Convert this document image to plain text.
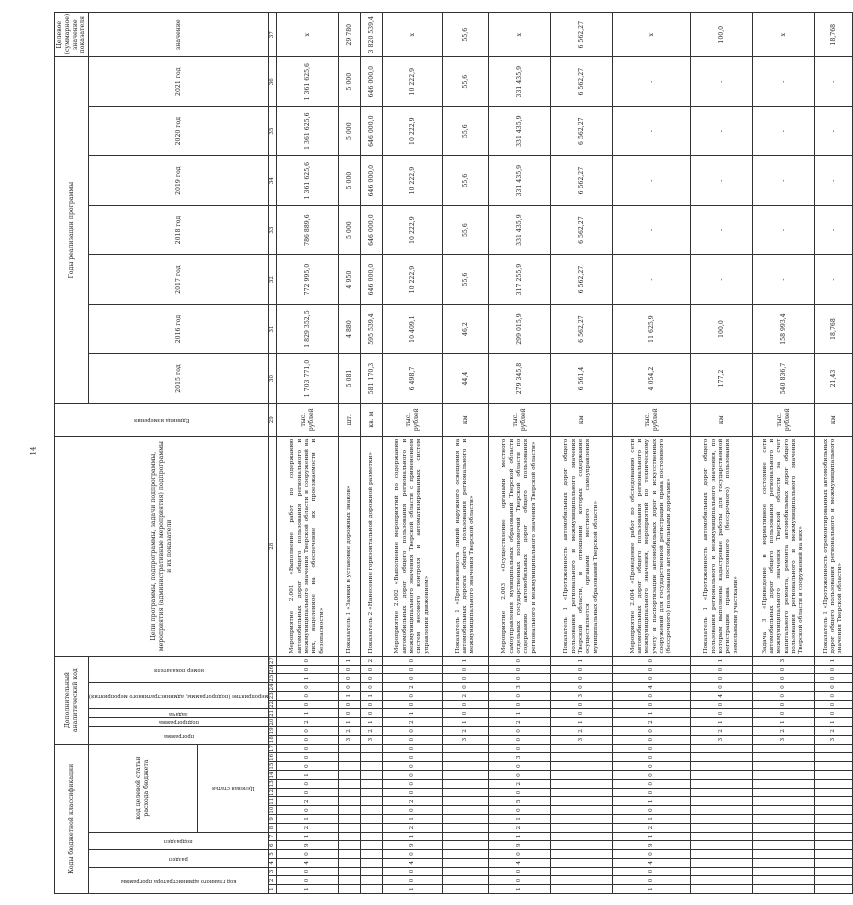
14
Коды бюджетной классификации																	Дополнительный аналитический код										Цели программы, подпрограммы, задачи подпрограммы, мероприятия (административные мероприятия) подпрограммы и их показатели	Единица измерения	Годы реализации программы							Целевое (суммарное) значение показателя

код главного администратора программы			раздел		подраздел		код целевой статьи расхода бюджета										программа		подпрограмма	задача	мероприятие (подпрограммы, административного мероприятия)			номер показателя					2015 год	2016 год	2017 год	2018 год	2019 год	2020 год	2021 год	значение

							Целевая статья																													

1	2	3	4	5	6	7	8	9	10	11	12	13	14	15	16	17	18	19	20	21	22	23	24	25	26	27	28	29	30	31	32	33	34	35	36	37
1	0	0	4	0	9	1	2	1	0	2	0	0	1	0	0	0	0	0	2	1	0	0	0	1	0	0	Мероприятие 2.001 «Выполнение работ по содержанию автомобильных дорог общего пользования регионального и межмуниципального значения Тверской области и сооружений на них, нацеленное на обеспечение их проезжаемости и безопасности»	тыс. рублей	1 703 771,0	1 829 352,5	772 995,0	786 889,6	1 361 625,6	1 361 625,6	1 361 625,6	х
																	3	2	1	0	0	1	0	0	0	1	Показатель 1 «Заявки в установке дорожных знаков»	шт.	5 081	4 880	4 950	5 000	5 000	5 000	5 000	29 780
																	3	2	1	0	0	1	0	0	0	2	Показатель 2 «Нанесение горизонтальной дорожной разметки»	кв. м	581 170,3	595 539,4	646 000,0	646 000,0	646 000,0	646 000,0	646 000,0	3 820 539,4
1	0	0	4	0	9	1	2	1	0	2	0	0	0	0	0	0	0	0	2	1	0	0	2	0	0	0	Мероприятие 2.002 «Выполнение мероприятий по содержанию автомобильных дорог общего пользования регионального и межмуниципального значения Тверской области с применением систем весового контроля и автоматизированных систем управления движением»	тыс. рублей	6 498,7	10 409,1	10 222,9	10 222,9	10 222,9	10 222,9	10 222,9	х
																	3	2	1	0	0	2	0	0	0	1	Показатель 1 «Протяженность линий наружного освещения на автомобильных дорогах общего пользования регионального и межмуниципального значения Тверской области»	км	44,4	46,2	55,6	55,6	55,6	55,6	55,6	55,6
1	0	0	4	0	9	1	2	1	0	5	0	2	0	0	3	0	0	0	2	1	0	0	3	0	0	0	Мероприятие 2.003 «Осуществление органами местного самоуправления муниципальных образований Тверской области отдельных государственных полномочий Тверской области по содержанию автомобильных дорог общего пользования регионального и межмуниципального значения Тверской области»	тыс. рублей	279 345,8	299 015,9	317 255,9	331 435,9	331 435,9	331 435,9	331 435,9	х
																	3	2	1	0	0	3	0	0	0	1	Показатель 1 «Протяженность автомобильных дорог общего пользования регионального и межмуниципального значения Тверской области, в отношении которых содержание осуществляется органами местного самоуправления муниципальных образований Тверской области»	км	6 561,4	6 562,27	6 562,27	6 562,27	6 562,27	6 562,27	6 562,27	6 562,27
1	0	0	4	0	9	1	2	1	0	1	0	0	0	0	0	0	0	0	2	1	0	0	4	0	0	0	Мероприятие 2.004 «Проведение работ по обследованию сети автомобильных дорог общего пользования регионального и межмуниципального значения, мероприятий по техническому учету и паспортизации автомобильных дорог и искусственных сооружений для государственной регистрации права постоянного (бессрочного) пользования автомобильными дорогами»	тыс. рублей	4 054,2	11 625,9	-	-	-	-	-	х
																	3	2	1	0	0	4	0	0	0	1	Показатель 1 «Протяженность автомобильных дорог общего пользования регионального и межмуниципального значения, по которым выполнены кадастровые работы для государственной регистрации права постоянного (бессрочного) пользования земельными участками»	км	177,2	100,0	-	-	-	-	-	100,0
																	3	2	1	0	0	0	0	0	0	3	Задача 3 «Приведение в нормативное состояние сети автомобильных дорог общего пользования регионального и межмуниципального значения Тверской области за счет капитального ремонта, ремонта автомобильных дорог общего пользования регионального и межмуниципального значения Тверской области и сооружений на них»	тыс. рублей	540 836,7	158 993,4	-	-	-	-	-	х
																	3	2	1	0	0	0	0	0	0	1	Показатель 1 «Протяженность отремонтированных автомобильных дорог общего пользования регионального и межмуниципального значения Тверской области»	км	21,43	18,768	-	-	-	-	-	18,768
